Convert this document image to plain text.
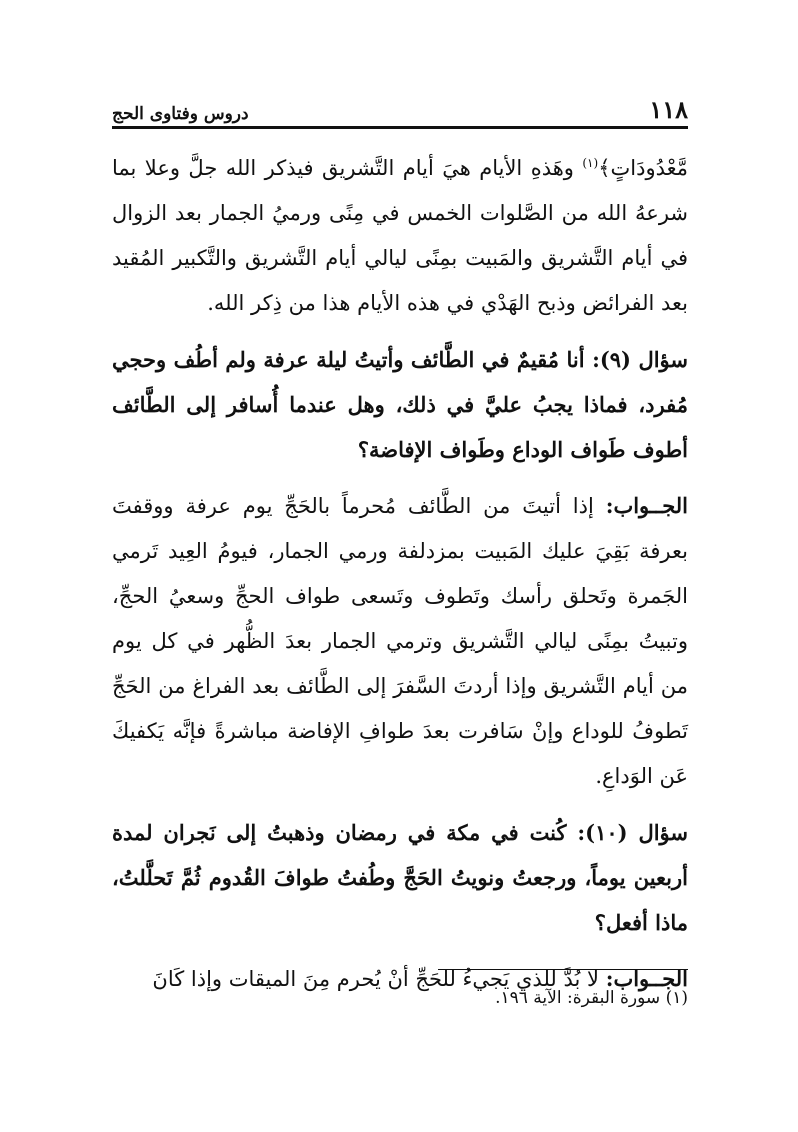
دروس وفتاوى الحج	١١٨

مَّعْدُودَاتٍ﴾$^{(١)}$ وهَذهِ الأيام هيَ أيام التَّشريق فيذكر الله جلَّ وعلا بما شرعهُ الله من الصَّلوات الخمس في مِنًى ورميُ الجمار بعد الزوال في أيام التَّشريق والمَبيت بمِنًى ليالي أيام التَّشريق والتَّكبير المُقيد بعد الفرائض وذبح الهَدْي في هذه الأيام هذا من ذِكر الله.

سؤال (٩): أنا مُقيمٌ في الطَّائف وأتيتُ ليلة عرفة ولم أطُف وحجي مُفرد، فماذا يجبُ عليَّ في ذلك، وهل عندما أُسافر إلى الطَّائف أطوف طَواف الوداع وطَواف الإفاضة؟

الجــواب: إذا أتيتَ من الطَّائف مُحرماً بالحَجِّ يوم عرفة ووقفتَ بعرفة بَقِيَ عليك المَبيت بمزدلفة ورمي الجمار، فيومُ العِيد تَرمي الجَمرة وتَحلق رأسك وتَطوف وتَسعى طواف الحجِّ وسعيُ الحجِّ، وتبيتُ بمِنًى ليالي التَّشريق وترمي الجمار بعدَ الظُّهر في كل يوم من أيام التَّشريق وإذا أردتَ السَّفرَ إلى الطَّائف بعد الفراغ من الحَجِّ تَطوفُ للوداع وإنْ سَافرت بعدَ طوافِ الإفاضة مباشرةً فإنَّه يَكفيكَ عَن الوَداعِ.

سؤال (١٠): كُنت في مكة في رمضان وذهبتُ إلى نَجران لمدة أربعين يوماً، ورجعتُ ونويتُ الحَجَّ وطُفتُ طوافَ القُدوم ثُمَّ تَحلَّلتُ، ماذا أفعل؟

الجــواب: لا بُدَّ للذي يَجيءُ للحَجِّ أنْ يُحرم مِنَ الميقات وإذا كَانَ

(١) سورة البقرة: الآية ١٩٦.
